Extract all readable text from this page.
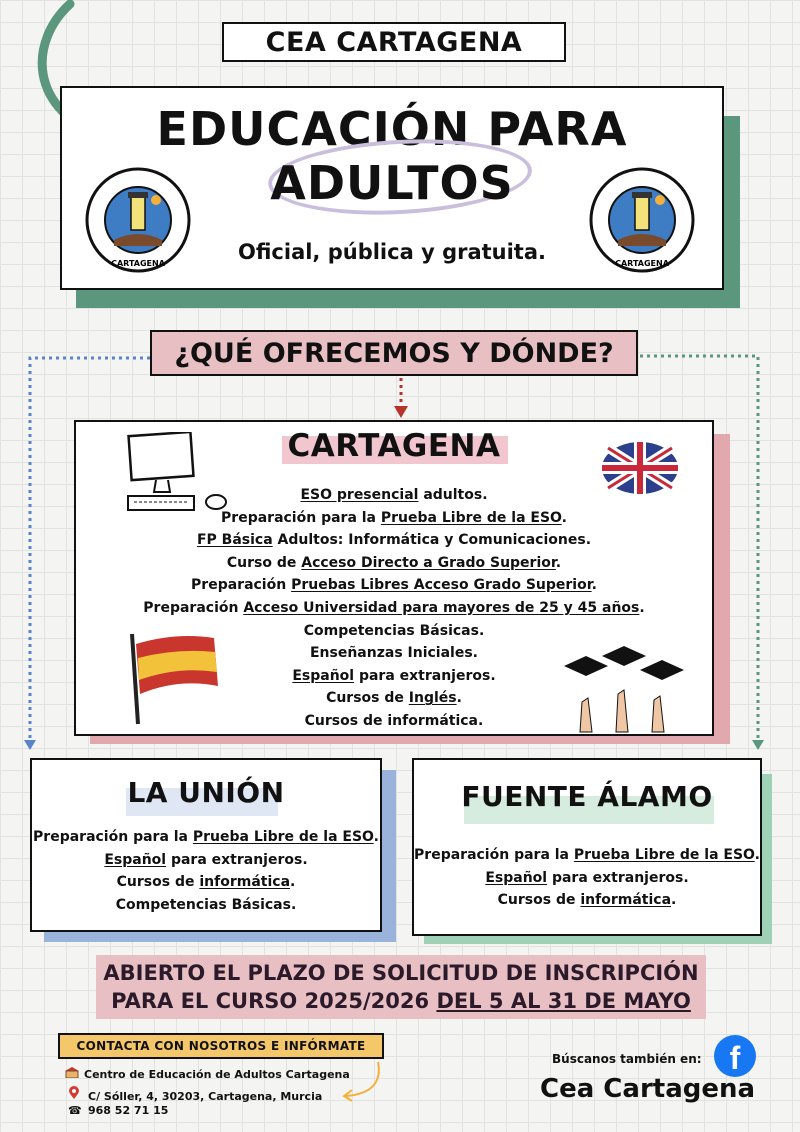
CEA CARTAGENA
EDUCACIÓN PARA
ADULTOS
Oficial, pública y gratuita.
CARTAGENA	CARTAGENA
¿QUÉ OFRECEMOS Y DÓNDE?
CARTAGENA
ESO presencial adultos.
Preparación para la Prueba Libre de la ESO.
FP Básica Adultos: Informática y Comunicaciones.
Curso de Acceso Directo a Grado Superior.
Preparación Pruebas Libres Acceso Grado Superior.
Preparación Acceso Universidad para mayores de 25 y 45 años.
Competencias Básicas.
Enseñanzas Iniciales.
Español para extranjeros.
Cursos de Inglés.
Cursos de informática.
LA UNIÓN
Preparación para la Prueba Libre de la ESO.
Español para extranjeros.
Cursos de informática.
Competencias Básicas.
FUENTE ÁLAMO
Preparación para la Prueba Libre de la ESO.
Español para extranjeros.
Cursos de informática.
ABIERTO EL PLAZO DE SOLICITUD DE INSCRIPCIÓN
PARA EL CURSO 2025/2026 DEL 5 AL 31 DE MAYO
CONTACTA CON NOSOTROS E INFÓRMATE
Centro de Educación de Adultos Cartagena
C/ Sóller, 4, 30203, Cartagena, Murcia
☎ 968 52 71 15
Búscanos también en: f
Cea Cartagena
